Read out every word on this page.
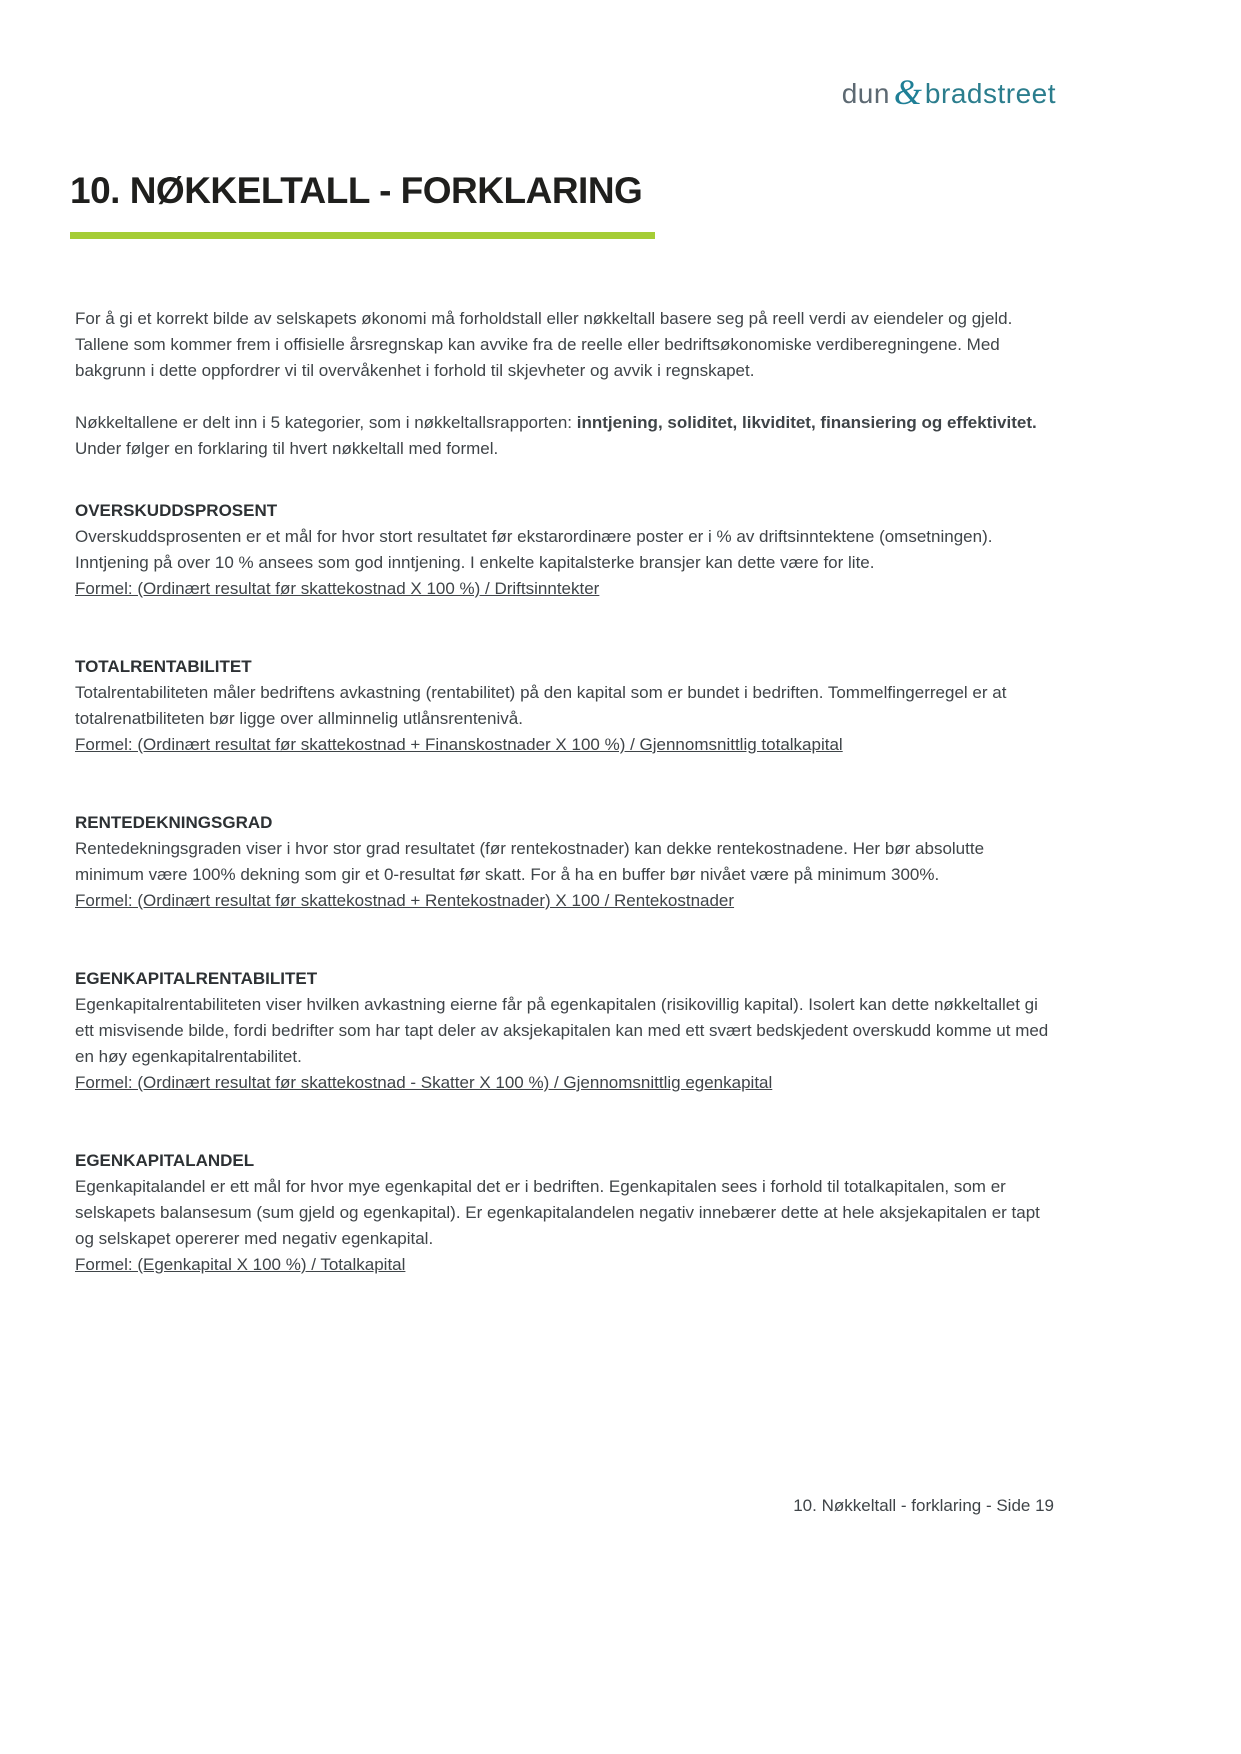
dun & bradstreet
10. NØKKELTALL - FORKLARING

For å gi et korrekt bilde av selskapets økonomi må forholdstall eller nøkkeltall basere seg på reell verdi av eiendeler og gjeld. Tallene som kommer frem i offisielle årsregnskap kan avvike fra de reelle eller bedriftsøkonomiske verdiberegningene. Med bakgrunn i dette oppfordrer vi til overvåkenhet i forhold til skjevheter og avvik i regnskapet.

Nøkkeltallene er delt inn i 5 kategorier, som i nøkkeltallsrapporten: inntjening, soliditet, likviditet, finansiering og effektivitet. Under følger en forklaring til hvert nøkkeltall med formel.

OVERSKUDDSPROSENT
Overskuddsprosenten er et mål for hvor stort resultatet før ekstarordinære poster er i % av driftsinntektene (omsetningen). Inntjening på over 10 % ansees som god inntjening. I enkelte kapitalsterke bransjer kan dette være for lite.
Formel: (Ordinært resultat før skattekostnad X 100 %) / Driftsinntekter
TOTALRENTABILITET
Totalrentabiliteten måler bedriftens avkastning (rentabilitet) på den kapital som er bundet i bedriften. Tommelfingerregel er at totalrenatbiliteten bør ligge over allminnelig utlånsrentenivå.
Formel: (Ordinært resultat før skattekostnad + Finanskostnader X 100 %) / Gjennomsnittlig totalkapital
RENTEDEKNINGSGRAD
Rentedekningsgraden viser i hvor stor grad resultatet (før rentekostnader) kan dekke rentekostnadene. Her bør absolutte minimum være 100% dekning som gir et 0-resultat før skatt. For å ha en buffer bør nivået være på minimum 300%.
Formel: (Ordinært resultat før skattekostnad + Rentekostnader) X 100 / Rentekostnader
EGENKAPITALRENTABILITET
Egenkapitalrentabiliteten viser hvilken avkastning eierne får på egenkapitalen (risikovillig kapital). Isolert kan dette nøkkeltallet gi ett misvisende bilde, fordi bedrifter som har tapt deler av aksjekapitalen kan med ett svært bedskjedent overskudd komme ut med en høy egenkapitalrentabilitet.
Formel: (Ordinært resultat før skattekostnad - Skatter X 100 %) / Gjennomsnittlig egenkapital
EGENKAPITALANDEL
Egenkapitalandel er ett mål for hvor mye egenkapital det er i bedriften. Egenkapitalen sees i forhold til totalkapitalen, som er selskapets balansesum (sum gjeld og egenkapital). Er egenkapitalandelen negativ innebærer dette at hele aksjekapitalen er tapt og selskapet opererer med negativ egenkapital.
Formel: (Egenkapital X 100 %) / Totalkapital
10. Nøkkeltall - forklaring - Side 19
